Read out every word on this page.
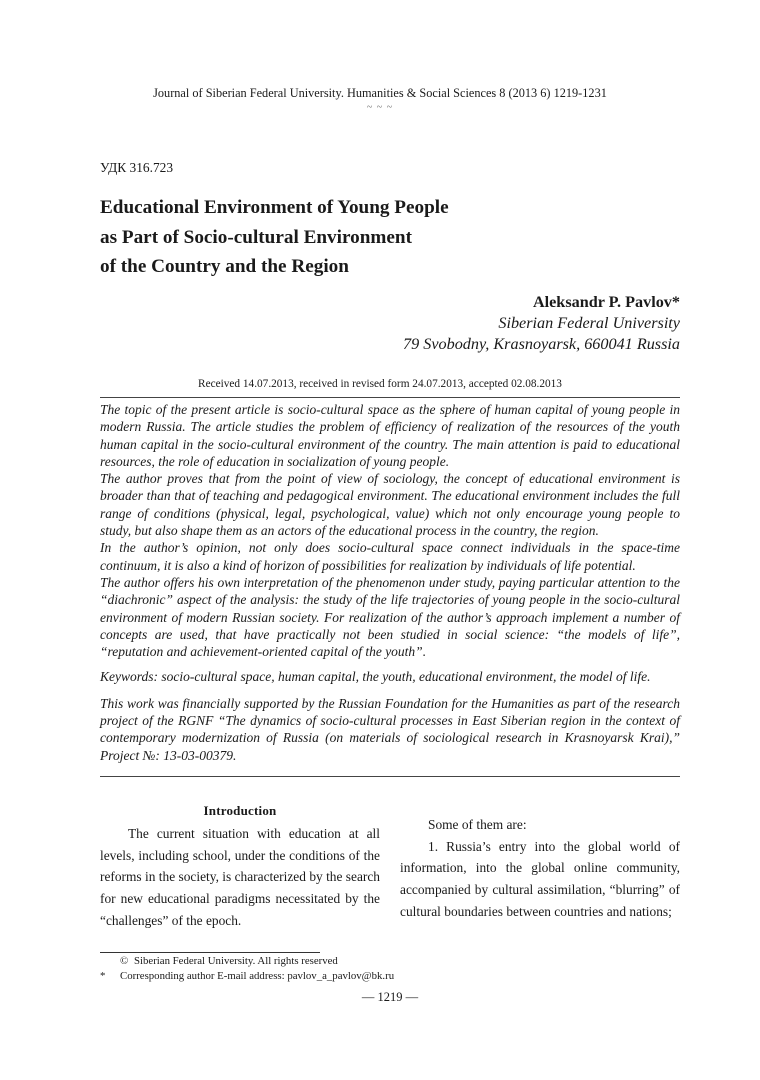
Journal of Siberian Federal University. Humanities & Social Sciences 8 (2013 6) 1219-1231
~ ~ ~
УДК 316.723
Educational Environment of Young People
as Part of Socio-cultural Environment
of the Country and the Region
Aleksandr P. Pavlov*
Siberian Federal University
79 Svobodny, Krasnoyarsk, 660041 Russia
Received 14.07.2013, received in revised form 24.07.2013, accepted 02.08.2013

The topic of the present article is socio-cultural space as the sphere of human capital of young people in modern Russia. The article studies the problem of efficiency of realization of the resources of the youth human capital in the socio-cultural environment of the country. The main attention is paid to educational resources, the role of education in socialization of young people.

The author proves that from the point of view of sociology, the concept of educational environment is broader than that of teaching and pedagogical environment. The educational environment includes the full range of conditions (physical, legal, psychological, value) which not only encourage young people to study, but also shape them as an actors of the educational process in the country, the region.

In the author’s opinion, not only does socio-cultural space connect individuals in the space-time continuum, it is also a kind of horizon of possibilities for realization by individuals of life potential.

The author offers his own interpretation of the phenomenon under study, paying particular attention to the “diachronic” aspect of the analysis: the study of the life trajectories of young people in the socio-cultural environment of modern Russian society. For realization of the author’s approach implement a number of concepts are used, that have practically not been studied in social science: “the models of life”, “reputation and achievement-oriented capital of the youth”.

Keywords: socio-cultural space, human capital, the youth, educational environment, the model of life.

This work was financially supported by the Russian Foundation for the Humanities as part of the research project of the RGNF “The dynamics of socio-cultural processes in East Siberian region in the context of contemporary modernization of Russia (on materials of sociological research in Krasnoyarsk Krai),” Project №: 13-03-00379.

Introduction

The current situation with education at all levels, including school, under the conditions of the reforms in the society, is characterized by the search for new educational paradigms necessitated by the “challenges” of the epoch.

Some of them are:

1. Russia’s entry into the global world of information, into the global online community, accompanied by cultural assimilation, “blurring” of cultural boundaries between countries and nations;

© Siberian Federal University. All rights reserved
* Corresponding author E-mail address: pavlov_a_pavlov@bk.ru
— 1219 —
